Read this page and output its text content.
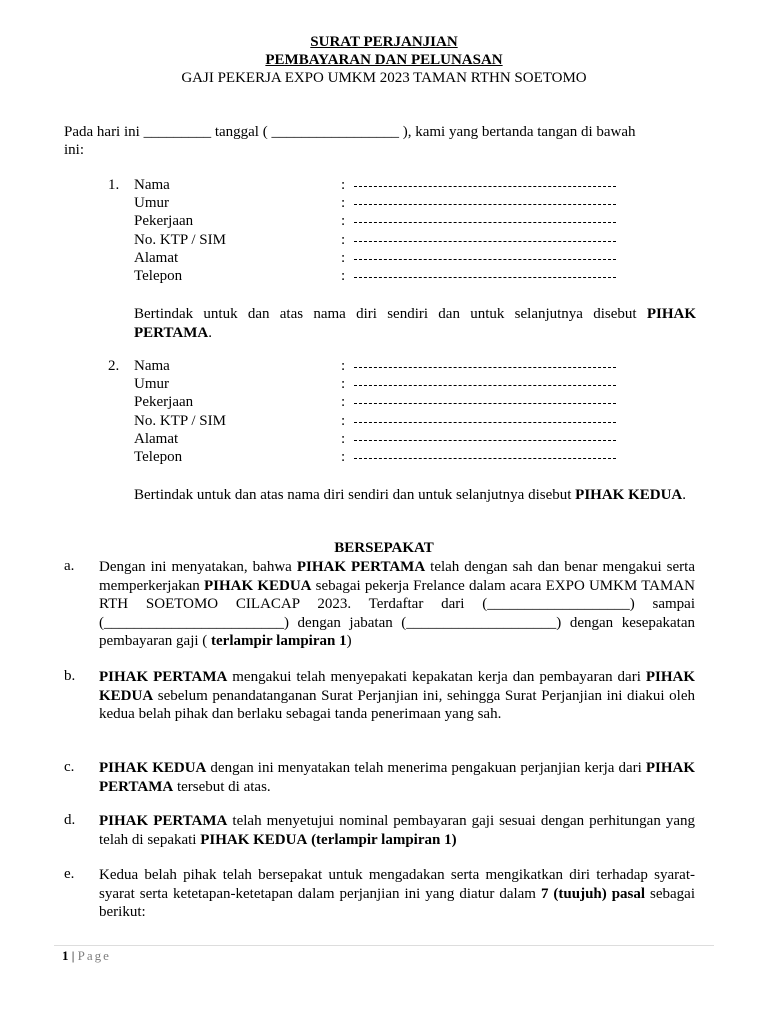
SURAT PERJANJIAN
PEMBAYARAN DAN PELUNASAN
GAJI PEKERJA EXPO UMKM 2023 TAMAN RTHN SOETOMO
Pada hari ini _________ tanggal ( _________________ ), kami yang bertanda tangan di bawah
ini:
1. Nama	:
Umur	:
Pekerjaan	:
No. KTP / SIM	:
Alamat	:
Telepon	:
Bertindak untuk dan atas nama diri sendiri dan untuk selanjutnya disebut PIHAK PERTAMA.
2. Nama	:
Umur	:
Pekerjaan	:
No. KTP / SIM	:
Alamat	:
Telepon	:
Bertindak untuk dan atas nama diri sendiri dan untuk selanjutnya disebut PIHAK KEDUA.
BERSEPAKAT
a. Dengan ini menyatakan, bahwa PIHAK PERTAMA telah dengan sah dan benar mengakui serta memperkerjakan PIHAK KEDUA sebagai pekerja Frelance dalam acara EXPO UMKM TAMAN RTH SOETOMO CILACAP 2023. Terdaftar dari (___________________) sampai (________________________) dengan jabatan (____________________) dengan kesepakatan pembayaran gaji ( terlampir lampiran 1)
b. PIHAK PERTAMA mengakui telah menyepakati kepakatan kerja dan pembayaran dari PIHAK KEDUA sebelum penandatanganan Surat Perjanjian ini, sehingga Surat Perjanjian ini diakui oleh kedua belah pihak dan berlaku sebagai tanda penerimaan yang sah.
c. PIHAK KEDUA dengan ini menyatakan telah menerima pengakuan perjanjian kerja dari PIHAK PERTAMA tersebut di atas.
d. PIHAK PERTAMA telah menyetujui nominal pembayaran gaji sesuai dengan perhitungan yang telah di sepakati PIHAK KEDUA (terlampir lampiran 1)
e. Kedua belah pihak telah bersepakat untuk mengadakan serta mengikatkan diri terhadap syarat-syarat serta ketetapan-ketetapan dalam perjanjian ini yang diatur dalam 7 (tuujuh) pasal sebagai berikut:
1 | Page
